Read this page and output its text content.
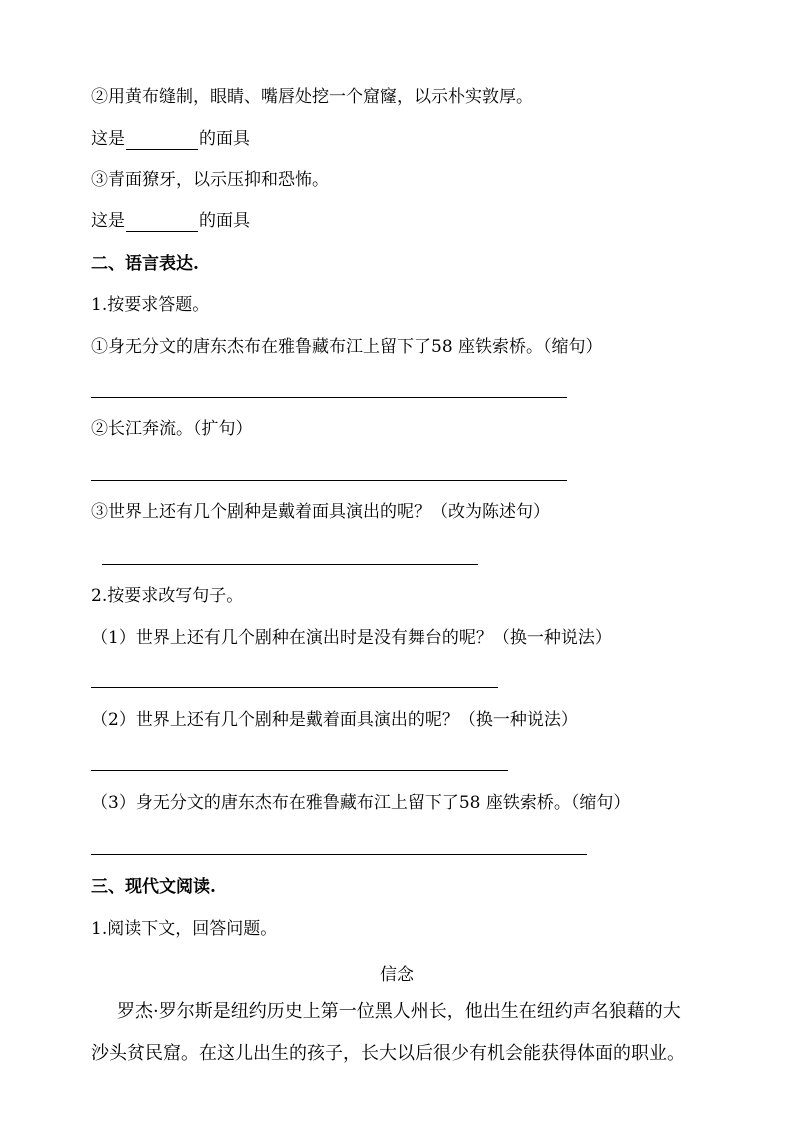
②用黄布缝制，眼睛、嘴唇处挖一个窟窿，以示朴实敦厚。
这是	的面具
③青面獠牙，以示压抑和恐怖。
这是	的面具
二、语言表达.
1.按要求答题。
①身无分文的唐东杰布在雅鲁藏布江上留下了58 座铁索桥。（缩句）
②长江奔流。（扩句）
③世界上还有几个剧种是戴着面具演出的呢？（改为陈述句）
2.按要求改写句子。
（1）世界上还有几个剧种在演出时是没有舞台的呢？（换一种说法）
（2）世界上还有几个剧种是戴着面具演出的呢？（换一种说法）
（3）身无分文的唐东杰布在雅鲁藏布江上留下了58 座铁索桥。（缩句）
三、现代文阅读.
1.阅读下文，回答问题。
信念
罗杰·罗尔斯是纽约历史上第一位黑人州长，他出生在纽约声名狼藉的大
沙头贫民窟。在这儿出生的孩子，长大以后很少有机会能获得体面的职业。
